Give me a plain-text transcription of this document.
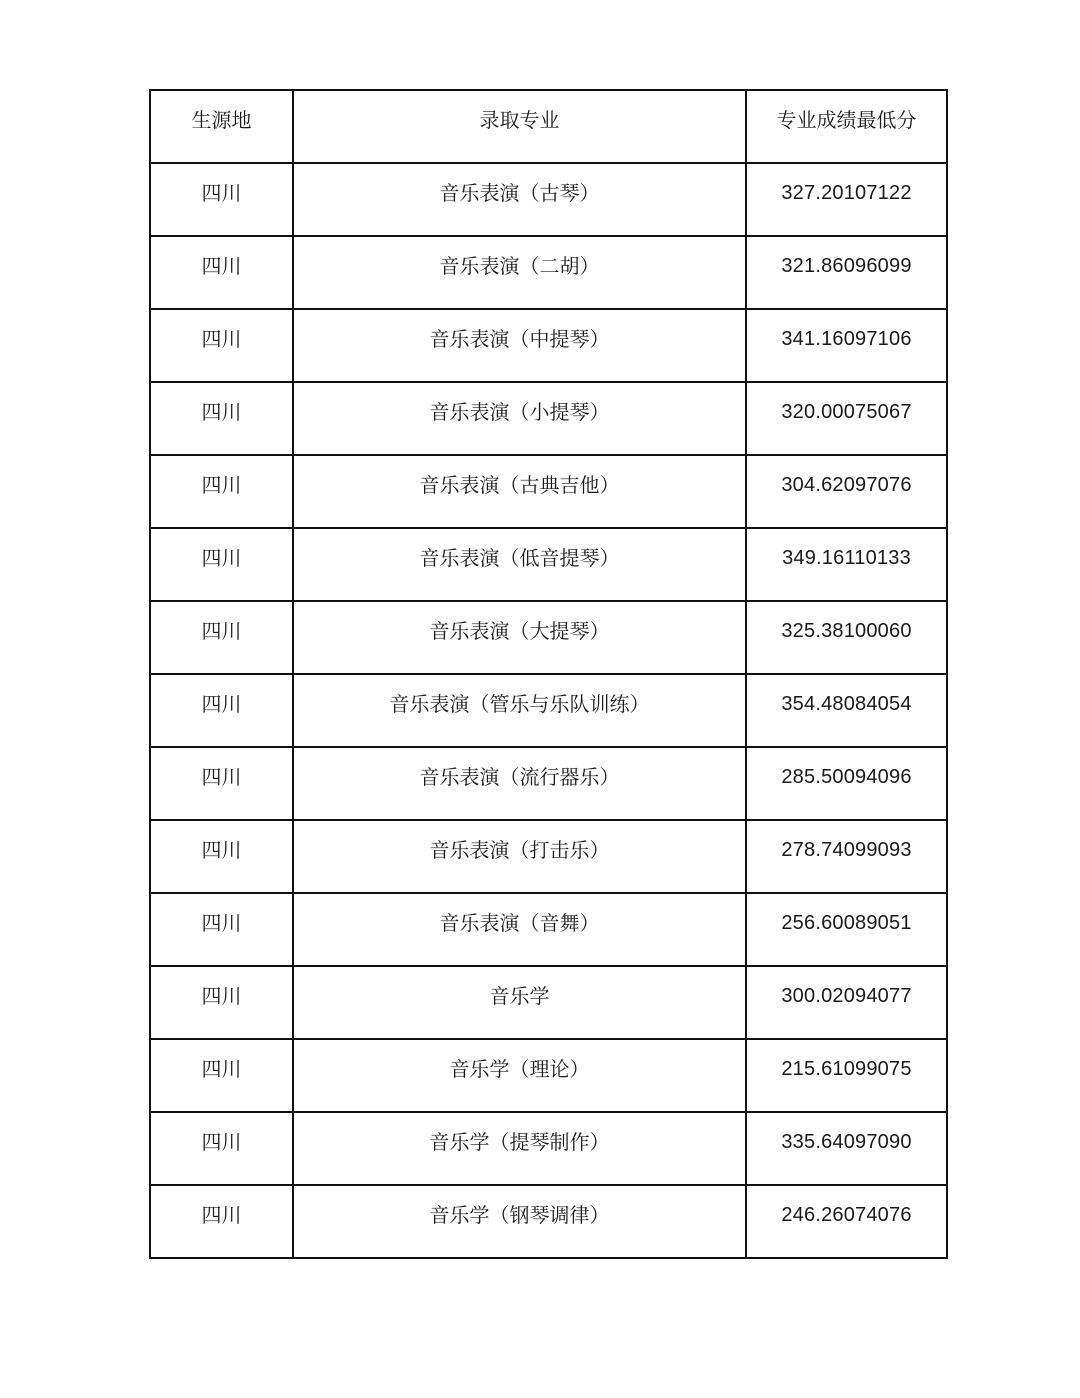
生源地	录取专业	专业成绩最低分
四川	音乐表演（古琴）	327.20107122
四川	音乐表演（二胡）	321.86096099
四川	音乐表演（中提琴）	341.16097106
四川	音乐表演（小提琴）	320.00075067
四川	音乐表演（古典吉他）	304.62097076
四川	音乐表演（低音提琴）	349.16110133
四川	音乐表演（大提琴）	325.38100060
四川	音乐表演（管乐与乐队训练）	354.48084054
四川	音乐表演（流行器乐）	285.50094096
四川	音乐表演（打击乐）	278.74099093
四川	音乐表演（音舞）	256.60089051
四川	音乐学	300.02094077
四川	音乐学（理论）	215.61099075
四川	音乐学（提琴制作）	335.64097090
四川	音乐学（钢琴调律）	246.26074076
